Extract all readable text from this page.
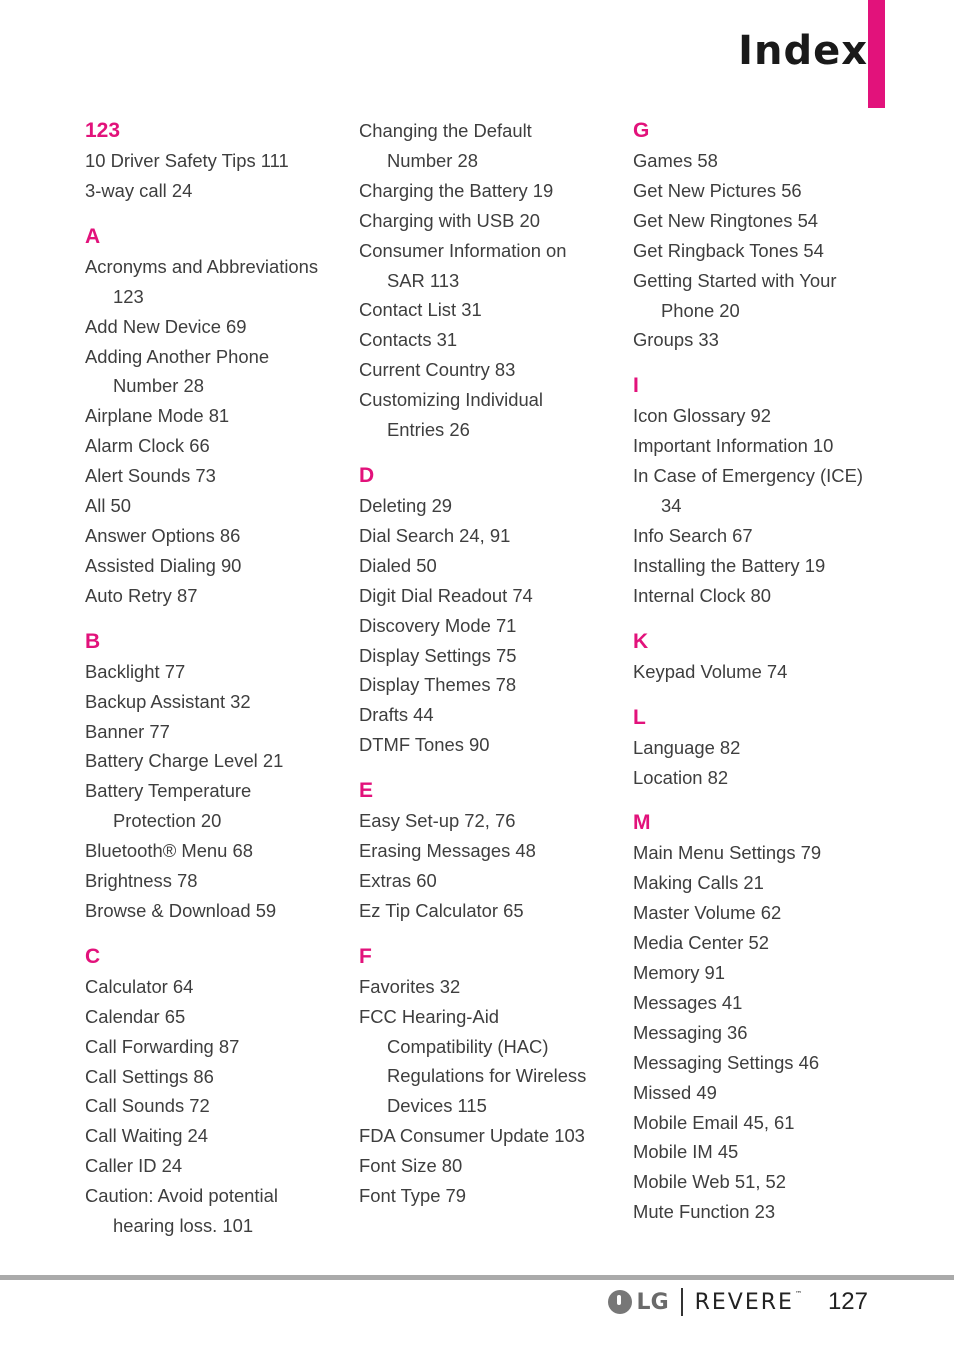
Index
123
10 Driver Safety Tips 111
3-way call 24
A
Acronyms and Abbreviations
123
Add New Device 69
Adding Another Phone
Number 28
Airplane Mode 81
Alarm Clock 66
Alert Sounds 73
All 50
Answer Options 86
Assisted Dialing 90
Auto Retry 87
B
Backlight 77
Backup Assistant 32
Banner 77
Battery Charge Level 21
Battery Temperature
Protection 20
Bluetooth® Menu 68
Brightness 78
Browse & Download 59
C
Calculator 64
Calendar 65
Call Forwarding 87
Call Settings 86
Call Sounds 72
Call Waiting 24
Caller ID 24
Caution: Avoid potential
hearing loss. 101
Changing the Default
Number 28
Charging the Battery 19
Charging with USB 20
Consumer Information on
SAR 113
Contact List 31
Contacts 31
Current Country 83
Customizing Individual
Entries 26
D
Deleting 29
Dial Search 24, 91
Dialed 50
Digit Dial Readout 74
Discovery Mode 71
Display Settings 75
Display Themes 78
Drafts 44
DTMF Tones 90
E
Easy Set-up 72, 76
Erasing Messages 48
Extras 60
Ez Tip Calculator 65
F
Favorites 32
FCC Hearing-Aid
Compatibility (HAC)
Regulations for Wireless
Devices 115
FDA Consumer Update 103
Font Size 80
Font Type 79
G
Games 58
Get New Pictures 56
Get New Ringtones 54
Get Ringback Tones 54
Getting Started with Your
Phone 20
Groups 33
I
Icon Glossary 92
Important Information 10
In Case of Emergency (ICE)
34
Info Search 67
Installing the Battery 19
Internal Clock 80
K
Keypad Volume 74
L
Language 82
Location 82
M
Main Menu Settings 79
Making Calls 21
Master Volume 62
Media Center 52
Memory 91
Messages 41
Messaging 36
Messaging Settings 46
Missed 49
Mobile Email 45, 61
Mobile IM 45
Mobile Web 51, 52
Mute Function 23
LG REVERE™ 127
